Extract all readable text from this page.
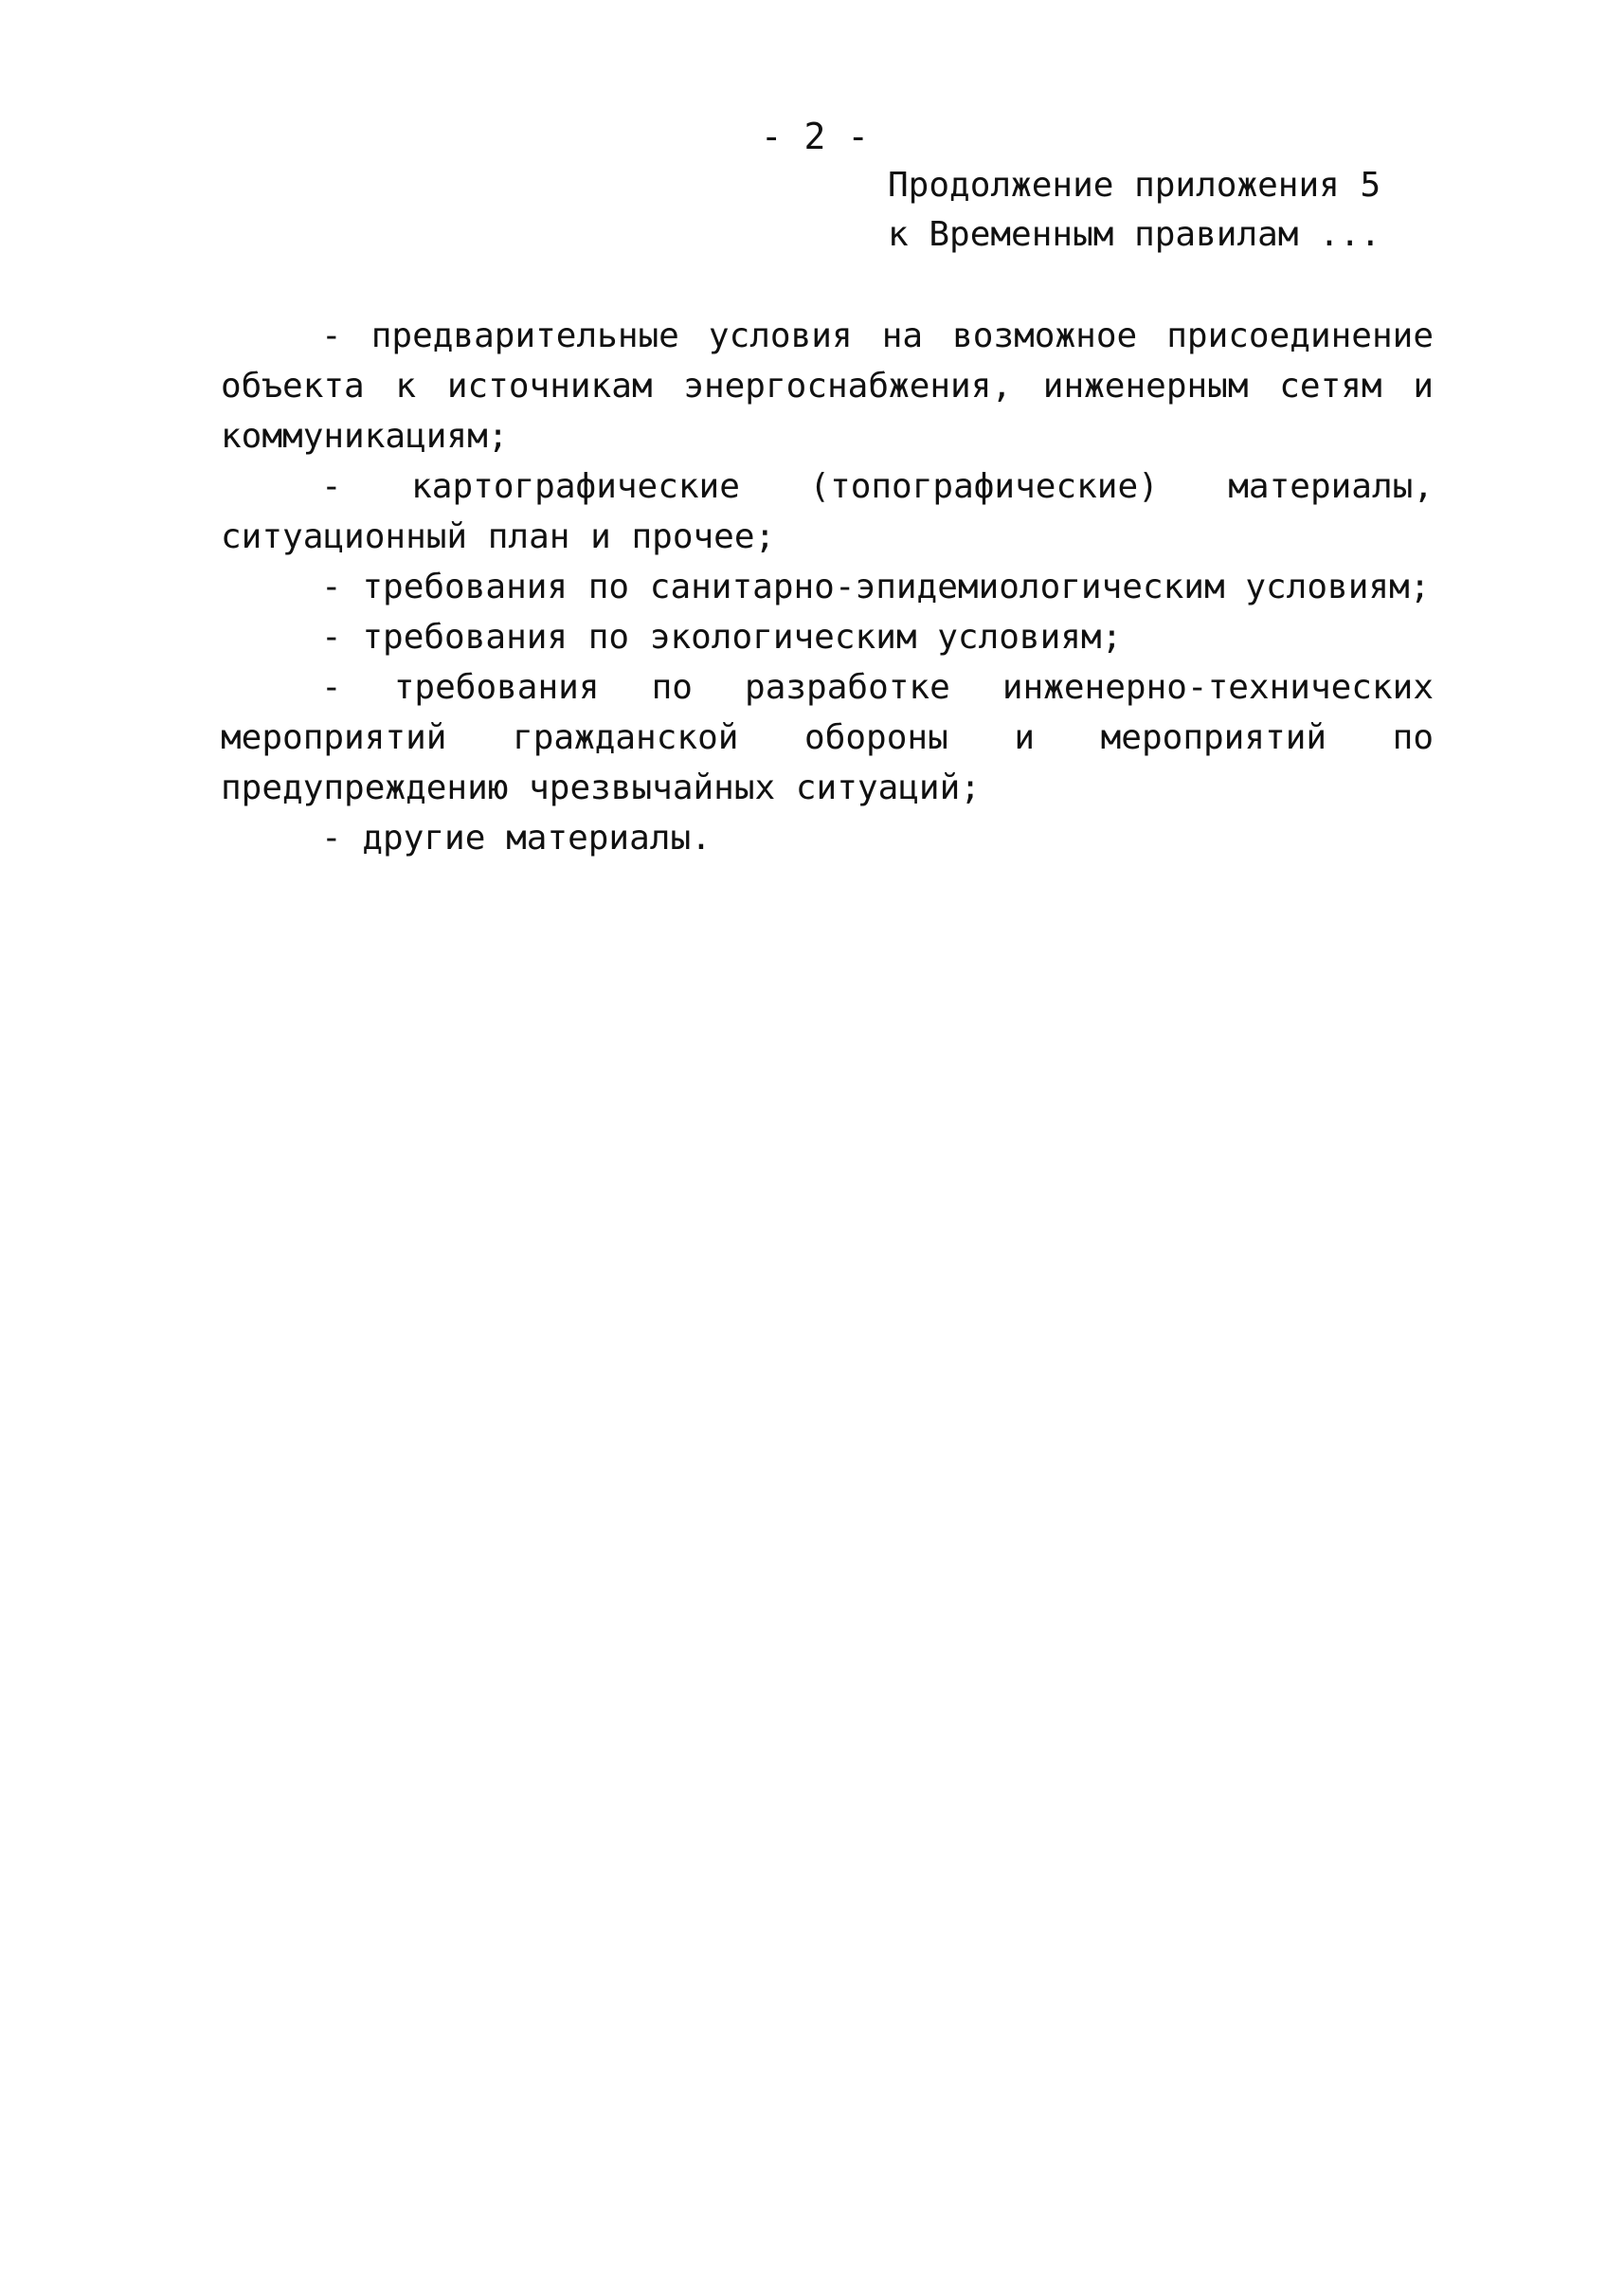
- 2 -
Продолжение приложения 5
к Временным правилам ...

- предварительные условия на возможное присоединение объекта к источникам энергоснабжения, инженерным сетям и коммуникациям;

- картографические (топографические) материалы, ситуационный план и прочее;

- требования по санитарно-эпидемиологическим условиям;

- требования по экологическим условиям;

- требования по разработке инженерно-технических мероприятий гражданской обороны и мероприятий по предупреждению чрезвычайных ситуаций;

- другие материалы.
